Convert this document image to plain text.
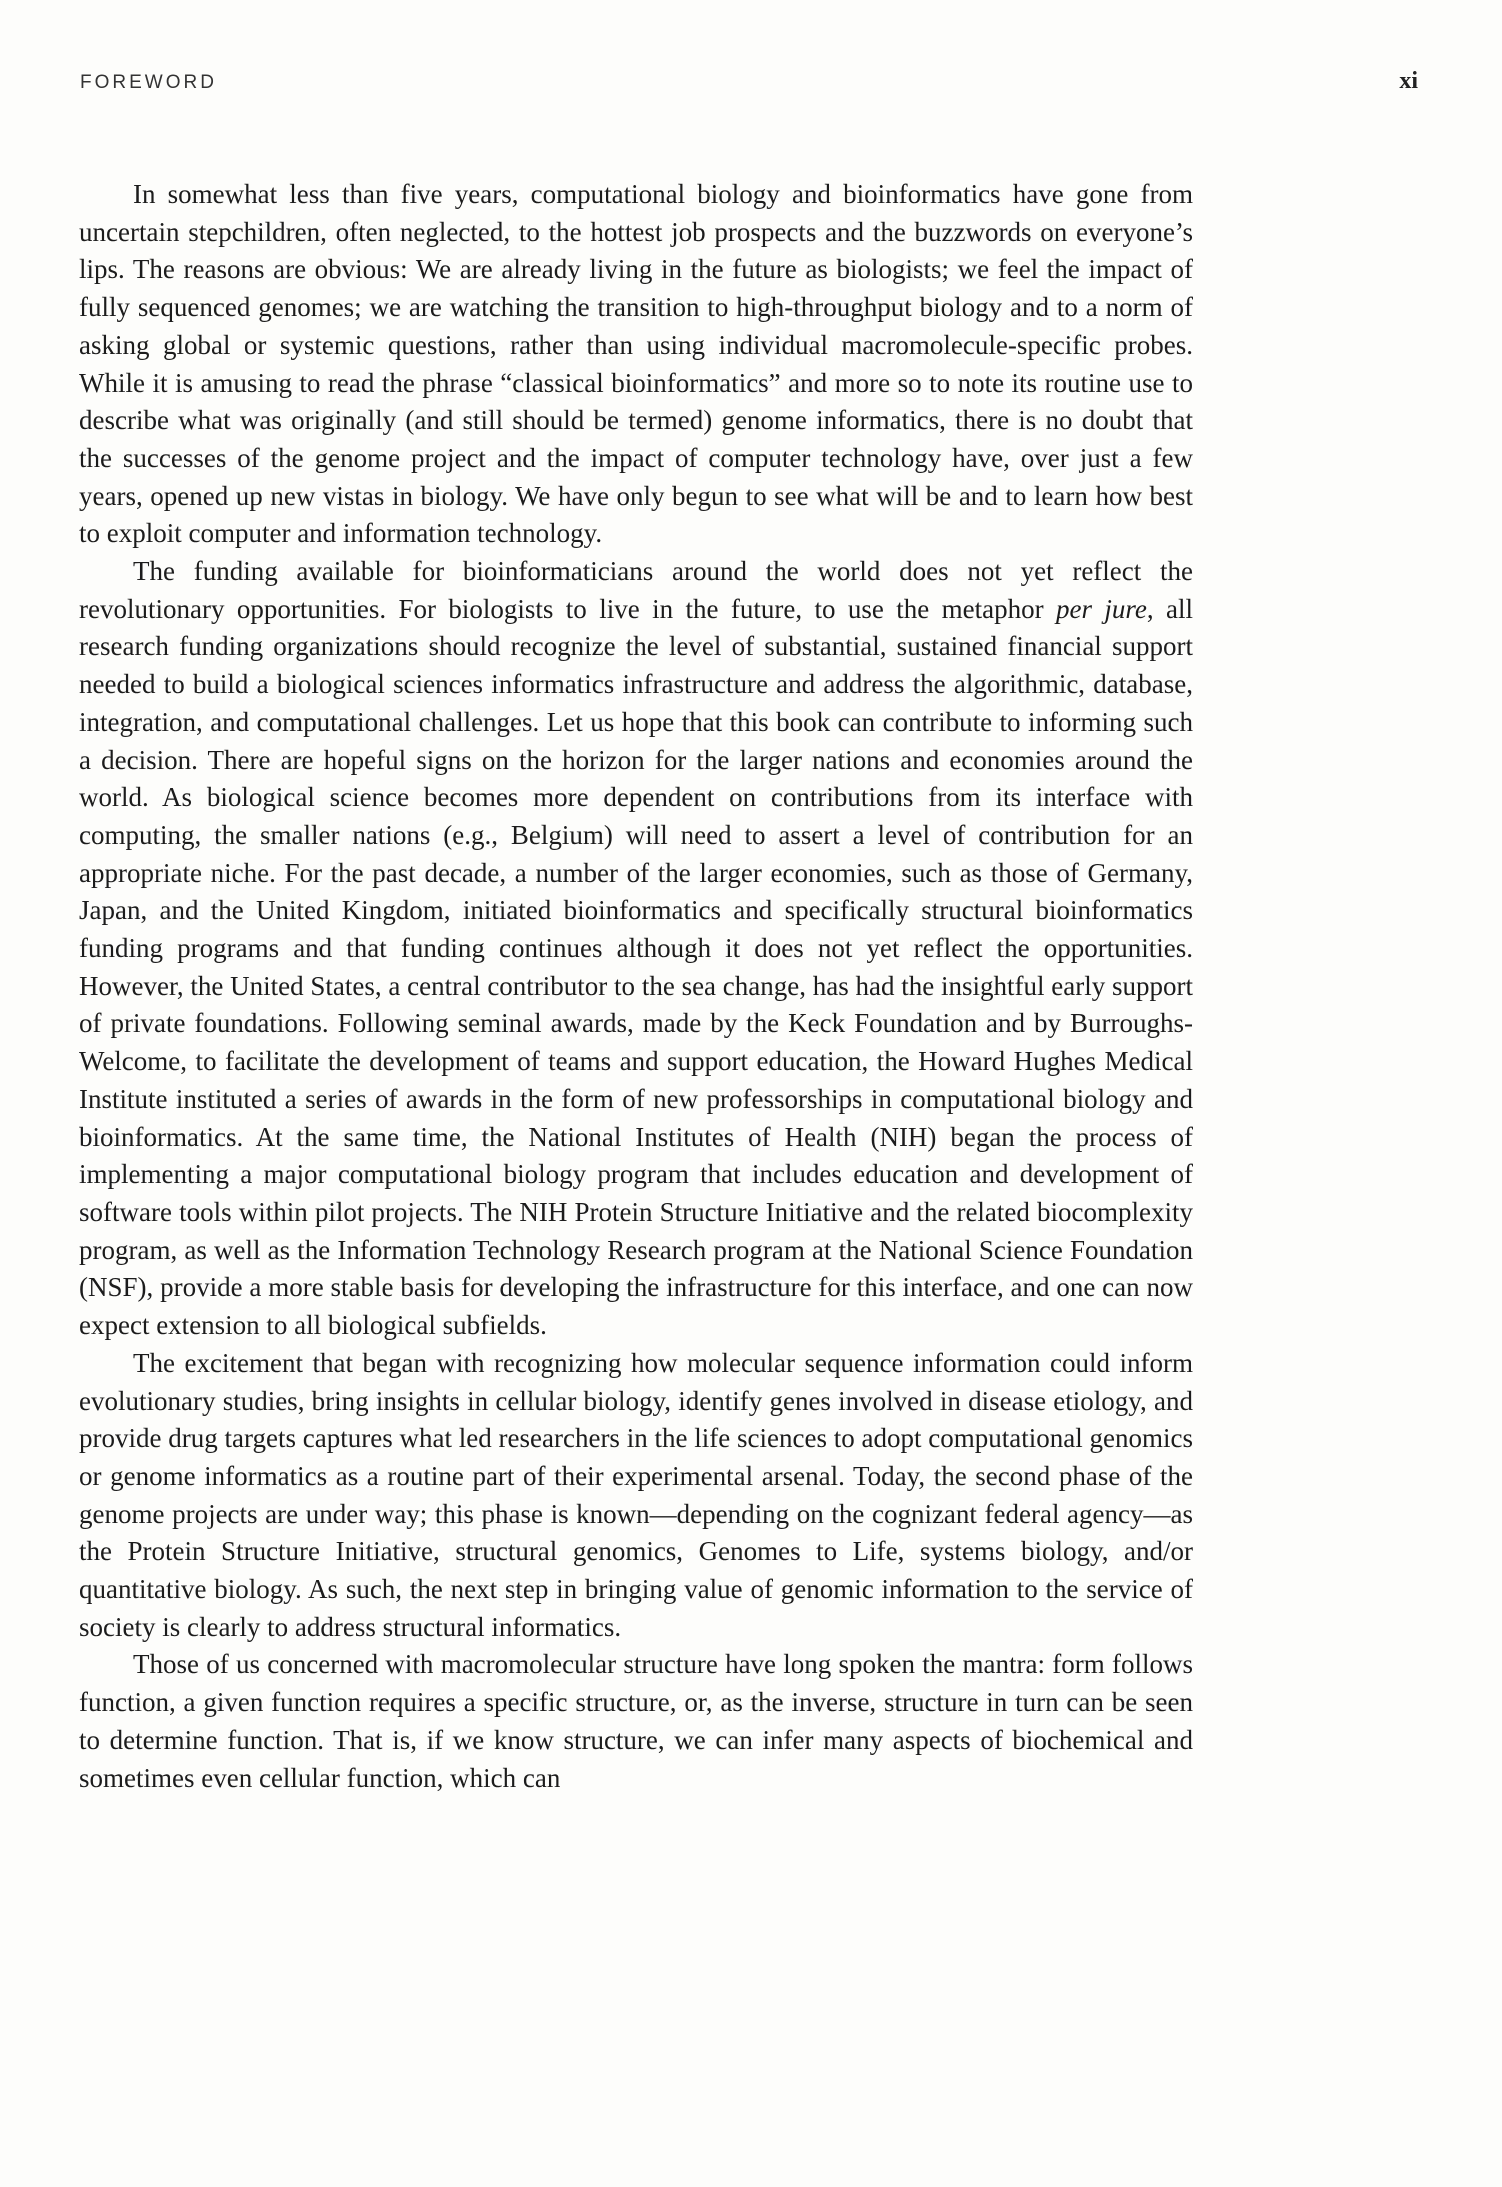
FOREWORD	xi

In somewhat less than five years, computational biology and bioinformatics have gone from uncertain stepchildren, often neglected, to the hottest job prospects and the buzzwords on everyone’s lips. The reasons are obvious: We are already living in the future as biologists; we feel the impact of fully sequenced genomes; we are watching the transition to high-throughput biology and to a norm of asking global or systemic questions, rather than using individual macromolecule-specific probes. While it is amusing to read the phrase “classical bioinformatics” and more so to note its routine use to describe what was originally (and still should be termed) genome informatics, there is no doubt that the successes of the genome project and the impact of computer technology have, over just a few years, opened up new vistas in biology. We have only begun to see what will be and to learn how best to exploit computer and information technology.

The funding available for bioinformaticians around the world does not yet reflect the revolutionary opportunities. For biologists to live in the future, to use the metaphor per jure, all research funding organizations should recognize the level of substantial, sustained financial support needed to build a biological sciences informatics infrastructure and address the algorithmic, database, integration, and computational challenges. Let us hope that this book can contribute to informing such a decision. There are hopeful signs on the horizon for the larger nations and economies around the world. As biological science becomes more dependent on contributions from its interface with computing, the smaller nations (e.g., Belgium) will need to assert a level of contribution for an appropriate niche. For the past decade, a number of the larger economies, such as those of Germany, Japan, and the United Kingdom, initiated bioinformatics and specifically structural bioinformatics funding programs and that funding continues although it does not yet reflect the opportunities. However, the United States, a central contributor to the sea change, has had the insightful early support of private foundations. Following seminal awards, made by the Keck Foundation and by Burroughs-Welcome, to facilitate the development of teams and support education, the Howard Hughes Medical Institute instituted a series of awards in the form of new professorships in computational biology and bioinformatics. At the same time, the National Institutes of Health (NIH) began the process of implementing a major computational biology program that includes education and development of software tools within pilot projects. The NIH Protein Structure Initiative and the related biocomplexity program, as well as the Information Technology Research program at the National Science Foundation (NSF), provide a more stable basis for developing the infrastructure for this interface, and one can now expect extension to all biological subfields.

The excitement that began with recognizing how molecular sequence information could inform evolutionary studies, bring insights in cellular biology, identify genes involved in disease etiology, and provide drug targets captures what led researchers in the life sciences to adopt computational genomics or genome informatics as a routine part of their experimental arsenal. Today, the second phase of the genome projects are under way; this phase is known—depending on the cognizant federal agency—as the Protein Structure Initiative, structural genomics, Genomes to Life, systems biology, and/or quantitative biology. As such, the next step in bringing value of genomic information to the service of society is clearly to address structural informatics.

Those of us concerned with macromolecular structure have long spoken the mantra: form follows function, a given function requires a specific structure, or, as the inverse, structure in turn can be seen to determine function. That is, if we know structure, we can infer many aspects of biochemical and sometimes even cellular function, which can
